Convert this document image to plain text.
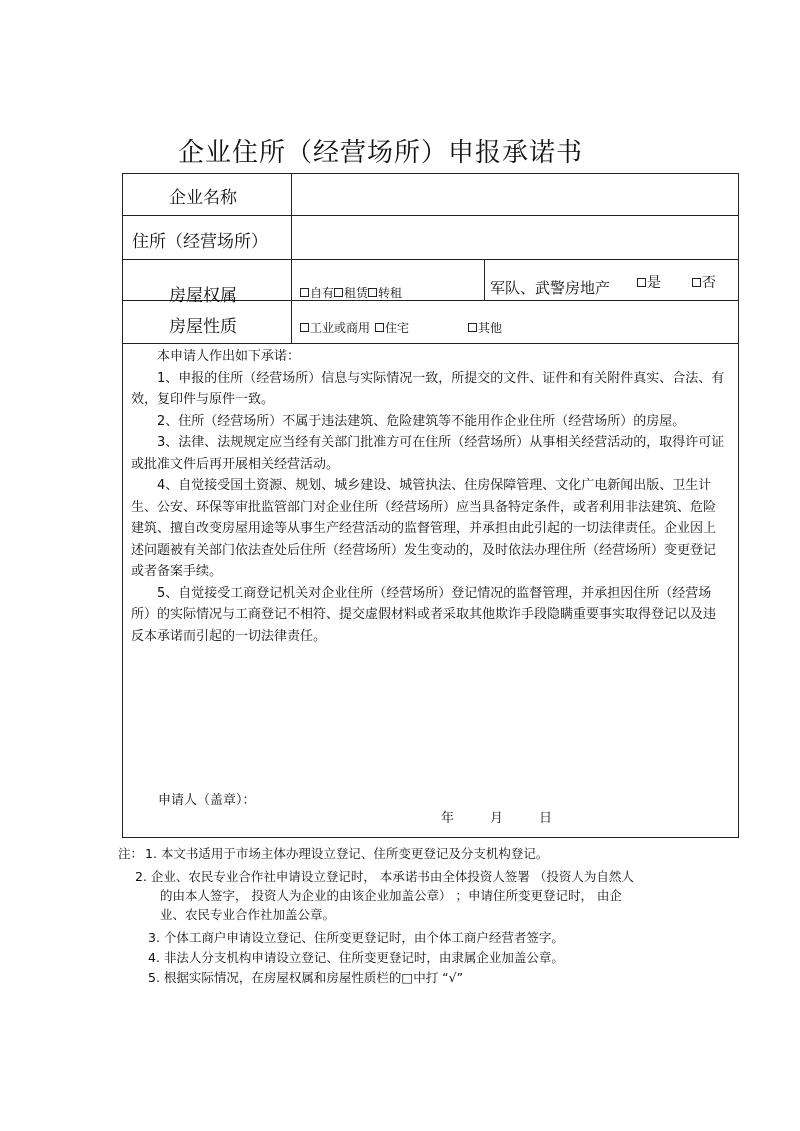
企业住所（经营场所）申报承诺书
企业名称
住所（经营场所）
房屋权属	自有 租赁 转租	军队、武警房地产	是	否
房屋性质	工业或商用 住宅	其他

本申请人作出如下承诺：

1、申报的住所（经营场所）信息与实际情况一致，所提交的文件、证件和有关附件真实、合法、有效，复印件与原件一致。

2、住所（经营场所）不属于违法建筑、危险建筑等不能用作企业住所（经营场所）的房屋。

3、法律、法规规定应当经有关部门批准方可在住所（经营场所）从事相关经营活动的，取得许可证或批准文件后再开展相关经营活动。

4、自觉接受国土资源、规划、城乡建设、城管执法、住房保障管理、文化广电新闻出版、卫生计生、公安、环保等审批监管部门对企业住所（经营场所）应当具备特定条件，或者利用非法建筑、危险建筑、擅自改变房屋用途等从事生产经营活动的监督管理，并承担由此引起的一切法律责任。企业因上述问题被有关部门依法查处后住所（经营场所）发生变动的，及时依法办理住所（经营场所）变更登记或者备案手续。

5、自觉接受工商登记机关对企业住所（经营场所）登记情况的监督管理，并承担因住所（经营场所）的实际情况与工商登记不相符、提交虚假材料或者采取其他欺诈手段隐瞒重要事实取得登记以及违反本承诺而引起的一切法律责任。

申请人（盖章）：
年	月	日
注： 1. 本文书适用于市场主体办理设立登记、住所变更登记及分支机构登记。
2. 企业、农民专业合作社申请设立登记时， 本承诺书由全体投资人签署 （投资人为自然人的由本人签字， 投资人为企业的由该企业加盖公章） ；申请住所变更登记时， 由企业、农民专业合作社加盖公章。
3. 个体工商户申请设立登记、住所变更登记时，由个体工商户经营者签字。
4. 非法人分支机构申请设立登记、住所变更登记时，由隶属企业加盖公章。
5. 根据实际情况，在房屋权属和房屋性质栏的□中打 “√”
